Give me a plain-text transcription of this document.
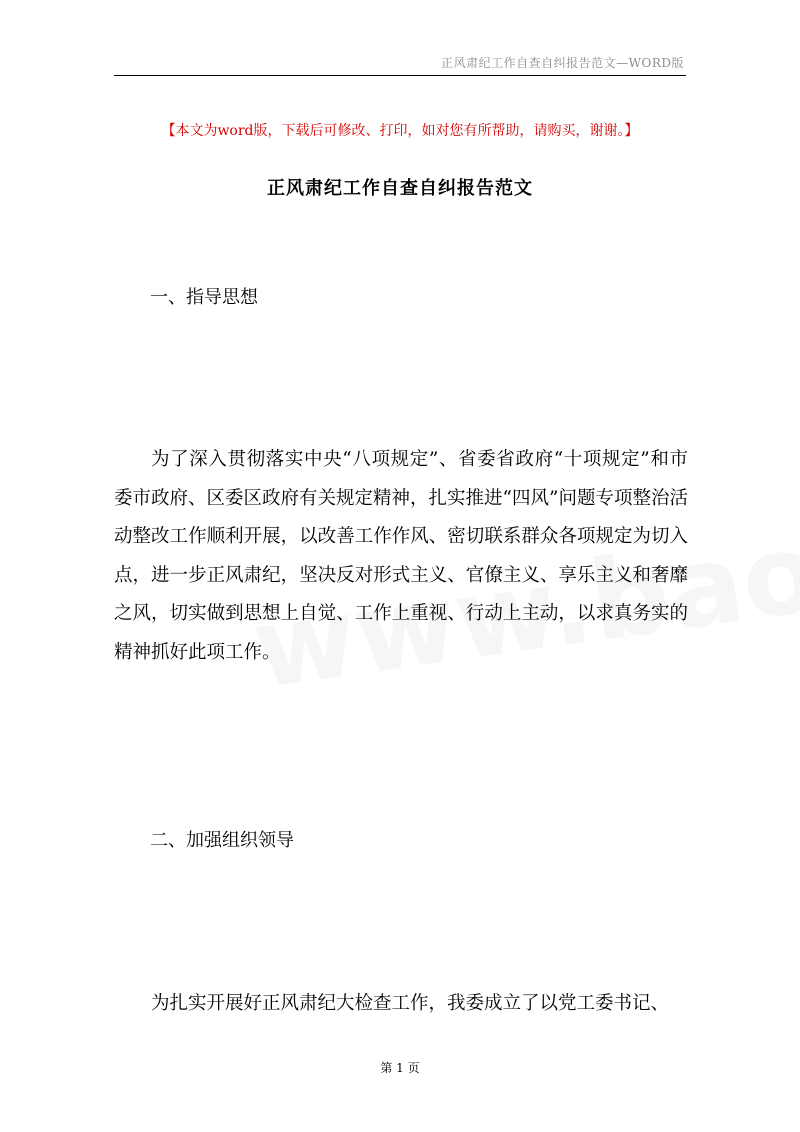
正风肃纪工作自查自纠报告范文—WORD版
【本文为word版，下载后可修改、打印，如对您有所帮助，请购买，谢谢。】
正风肃纪工作自查自纠报告范文
一、指导思想
为了深入贯彻落实中央“八项规定”、省委省政府“十项规定”和市委市政府、区委区政府有关规定精神，扎实推进“四风”问题专项整治活动整改工作顺利开展，以改善工作作风、密切联系群众各项规定为切入点，进一步正风肃纪，坚决反对形式主义、官僚主义、享乐主义和奢靡之风，切实做到思想上自觉、工作上重视、行动上主动，以求真务实的精神抓好此项工作。
二、加强组织领导
为扎实开展好正风肃纪大检查工作，我委成立了以党工委书记、
第 1 页
